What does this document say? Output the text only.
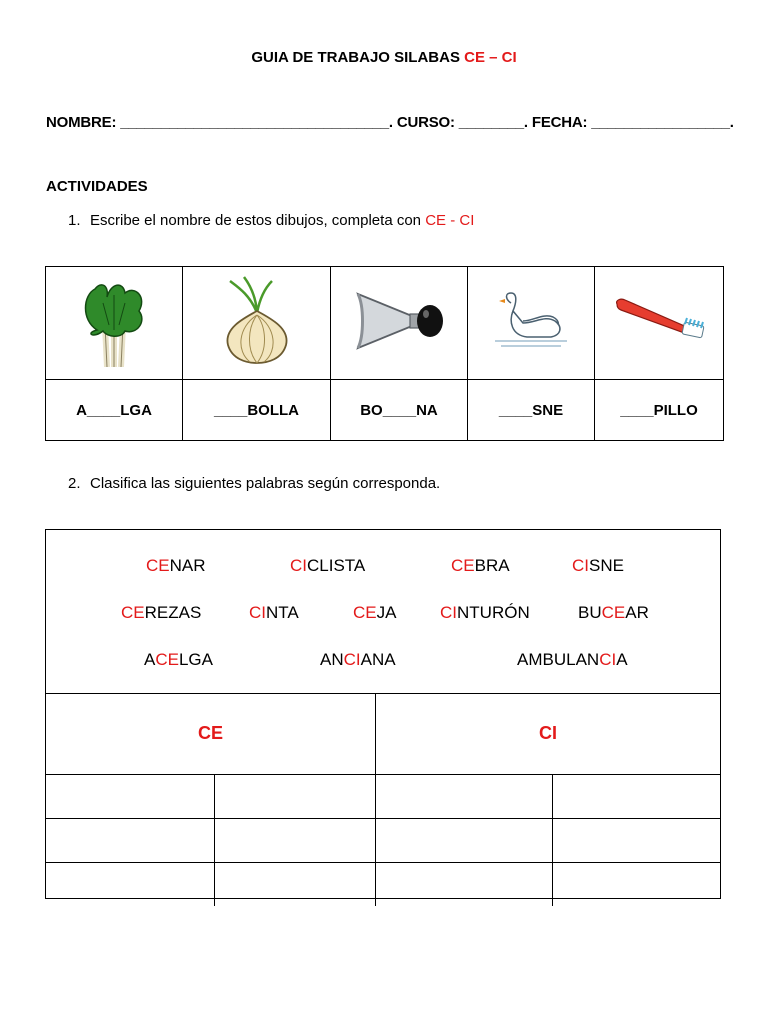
GUIA DE TRABAJO SILABAS CE – CI
NOMBRE: _________________________________. CURSO: ________. FECHA: _________________.
ACTIVIDADES
1. Escribe el nombre de estos dibujos, completa con CE - CI

A____LGA	____BOLLA	BO____NA	____SNE	____PILLO
2. Clasifica las siguientes palabras según corresponda.
CENAR	CICLISTA	CEBRA	CISNE
CEREZAS	CINTA	CEJA	CINTURÓN	BUCEAR
ACELGA	ANCIANA	AMBULANCIA
CE	CI
